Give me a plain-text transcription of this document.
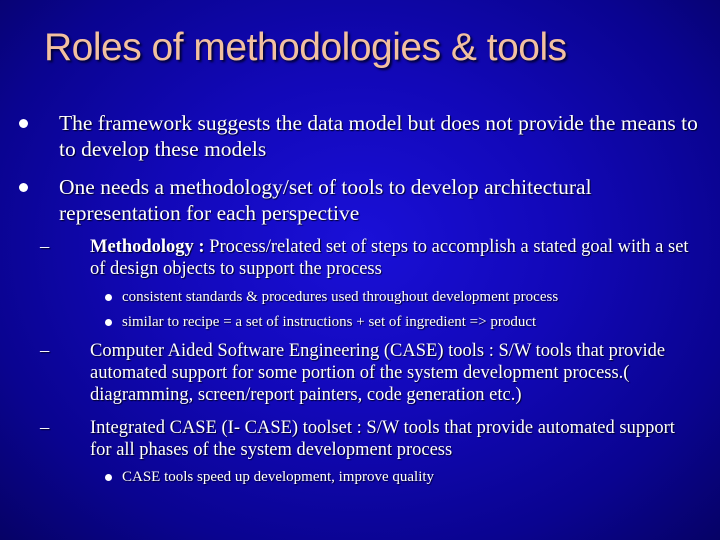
Roles of methodologies & tools
The framework suggests the data model but does not provide the means to to develop these models
One needs a methodology/set of tools to develop architectural representation for each perspective
– Methodology : Process/related set of steps to accomplish a stated goal with a set of design objects to support the process
consistent standards & procedures used throughout development process
similar to recipe = a set of instructions + set of ingredient => product
– Computer Aided Software Engineering (CASE) tools : S/W tools that provide automated support for some portion of the system development process.( diagramming, screen/report painters, code generation etc.)
– Integrated CASE (I- CASE) toolset : S/W tools that provide automated support for all phases of the system development process
CASE tools speed up development, improve quality
